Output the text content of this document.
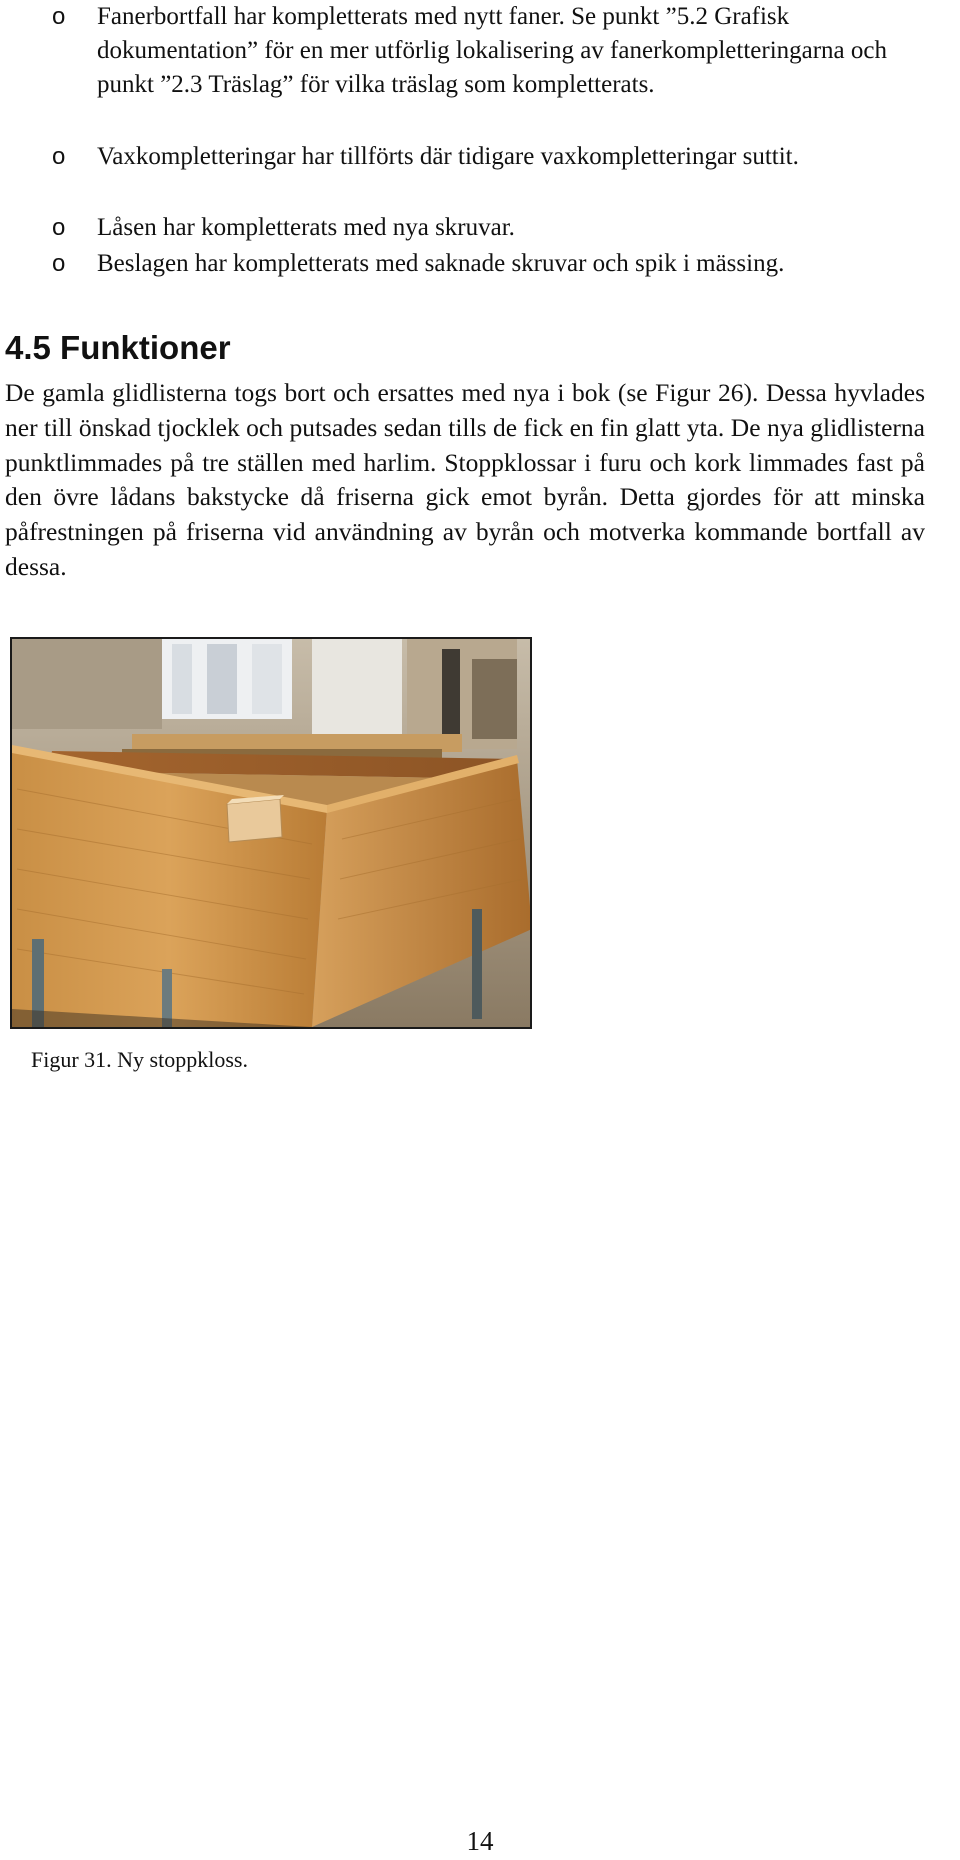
o Fanerbortfall har kompletterats med nytt faner. Se punkt ”5.2 Grafisk dokumentation” för en mer utförlig lokalisering av fanerkompletteringarna och punkt ”2.3 Träslag” för vilka träslag som kompletterats.
o Vaxkompletteringar har tillförts där tidigare vaxkompletteringar suttit.
o Låsen har kompletterats med nya skruvar.
o Beslagen har kompletterats med saknade skruvar och spik i mässing.
4.5 Funktioner

De gamla glidlisterna togs bort och ersattes med nya i bok (se Figur 26). Dessa hyvlades ner till önskad tjocklek och putsades sedan tills de fick en fin glatt yta. De nya glidlisterna punktlimmades på tre ställen med harlim. Stoppklossar i furu och kork limmades fast på den övre lådans bakstycke då friserna gick emot byrån. Detta gjordes för att minska påfrestningen på friserna vid användning av byrån och motverka kommande bortfall av dessa.

Figur 31. Ny stoppkloss.

14
